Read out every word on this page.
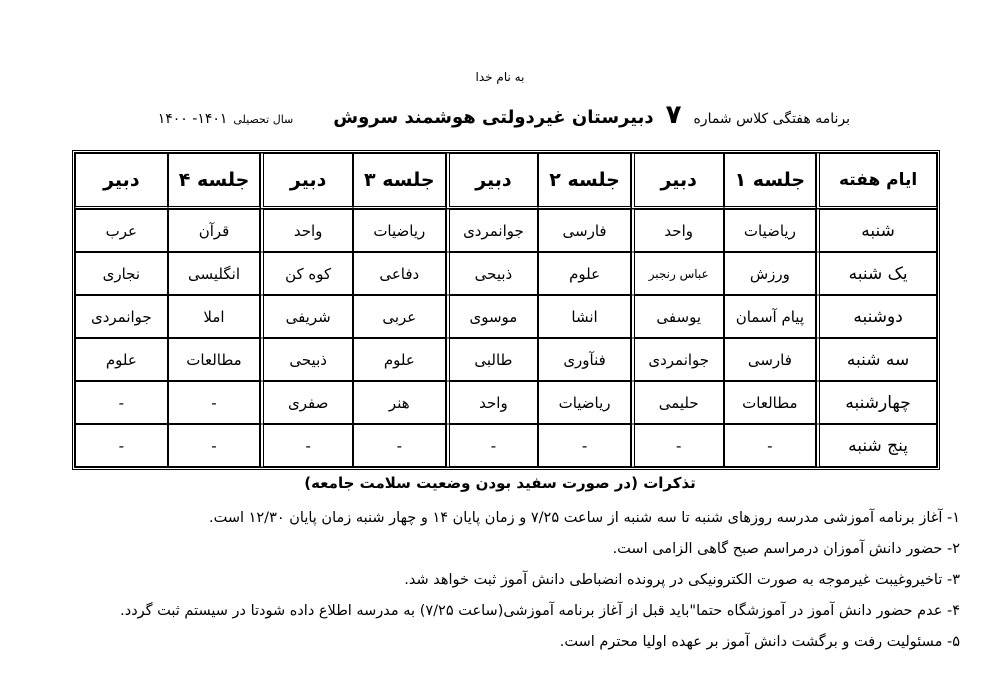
به نام خدا
برنامه هفتگی کلاس شماره
۷
دبیرستان غیردولتی هوشمند سروش
سال تحصیلی
۱۴۰۱- ۱۴۰۰
ایام هفته	جلسه ۱	دبیر	جلسه ۲	دبیر	جلسه ۳	دبیر	جلسه ۴	دبیر
شنبه	ریاضیات	واحد	فارسی	جوانمردی	ریاضیات	واحد	قرآن	عرب
یک شنبه	ورزش	عباس رنجبر	علوم	ذبیحی	دفاعی	کوه کن	انگلیسی	نجاری
دوشنبه	پیام آسمان	یوسفی	انشا	موسوی	عربی	شریفی	املا	جوانمردی
سه شنبه	فارسی	جوانمردی	فنآوری	طالبی	علوم	ذبیحی	مطالعات	علوم
چهارشنبه	مطالعات	حلیمی	ریاضیات	واحد	هنر	صفری	-	-
پنج شنبه	-	-	-	-	-	-	-	-
تذکرات (در صورت سفید بودن وضعیت سلامت جامعه)
۱- آغاز برنامه آموزشی مدرسه روزهای شنبه تا سه شنبه از ساعت ۷/۲۵ و زمان پایان ۱۴ و چهار شنبه زمان پایان ۱۲/۳۰ است.
۲- حضور دانش آموزان درمراسم صبح گاهی الزامی است.
۳- تاخیروغیبت غیرموجه به صورت الکترونیکی در پرونده انضباطی دانش آموز ثبت خواهد شد.
۴- عدم حضور دانش آموز در آموزشگاه حتما"باید قبل از آغاز برنامه آموزشی(ساعت ۷/۲۵) به مدرسه اطلاع داده شودتا در سیستم ثبت گردد.
۵- مسئولیت رفت و برگشت دانش آموز بر عهده اولیا محترم است.
